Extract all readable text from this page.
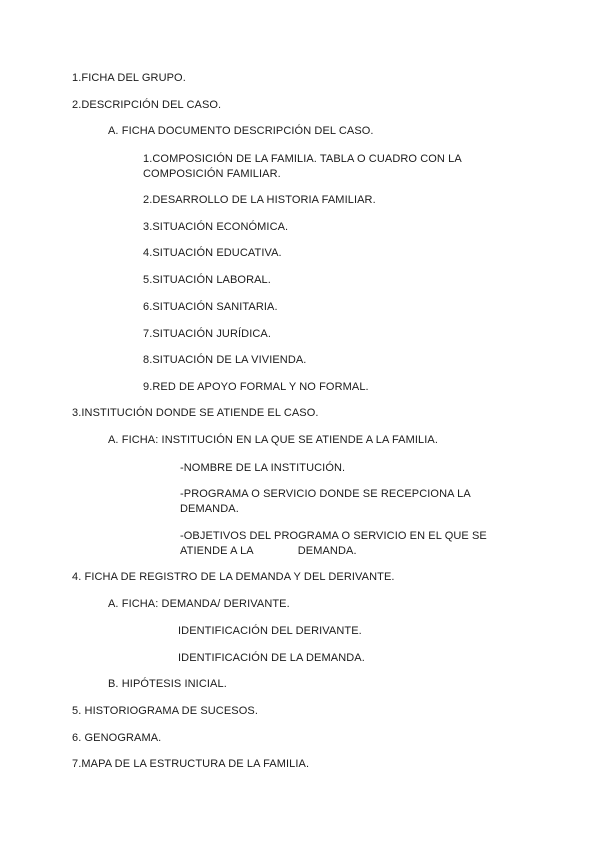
1.FICHA DEL GRUPO.
2.DESCRIPCIÓN DEL CASO.
A. FICHA DOCUMENTO DESCRIPCIÓN DEL CASO.
1.COMPOSICIÓN DE LA FAMILIA. TABLA O CUADRO CON LA COMPOSICIÓN FAMILIAR.
2.DESARROLLO DE LA HISTORIA FAMILIAR.
3.SITUACIÓN ECONÓMICA.
4.SITUACIÓN EDUCATIVA.
5.SITUACIÓN LABORAL.
6.SITUACIÓN SANITARIA.
7.SITUACIÓN JURÍDICA.
8.SITUACIÓN DE LA VIVIENDA.
9.RED DE APOYO FORMAL Y NO FORMAL.
3.INSTITUCIÓN DONDE SE ATIENDE EL CASO.
A. FICHA: INSTITUCIÓN EN LA QUE SE ATIENDE A LA FAMILIA.
-NOMBRE DE LA INSTITUCIÓN.
-PROGRAMA O SERVICIO DONDE SE RECEPCIONA LA DEMANDA.
-OBJETIVOS DEL PROGRAMA O SERVICIO EN EL QUE SE ATIENDE A LA	DEMANDA.
4. FICHA DE REGISTRO DE LA DEMANDA Y DEL DERIVANTE.
A. FICHA: DEMANDA/ DERIVANTE.
IDENTIFICACIÓN DEL DERIVANTE.
IDENTIFICACIÓN DE LA DEMANDA.
B. HIPÓTESIS INICIAL.
5. HISTORIOGRAMA DE SUCESOS.
6. GENOGRAMA.
7.MAPA DE LA ESTRUCTURA DE LA FAMILIA.
